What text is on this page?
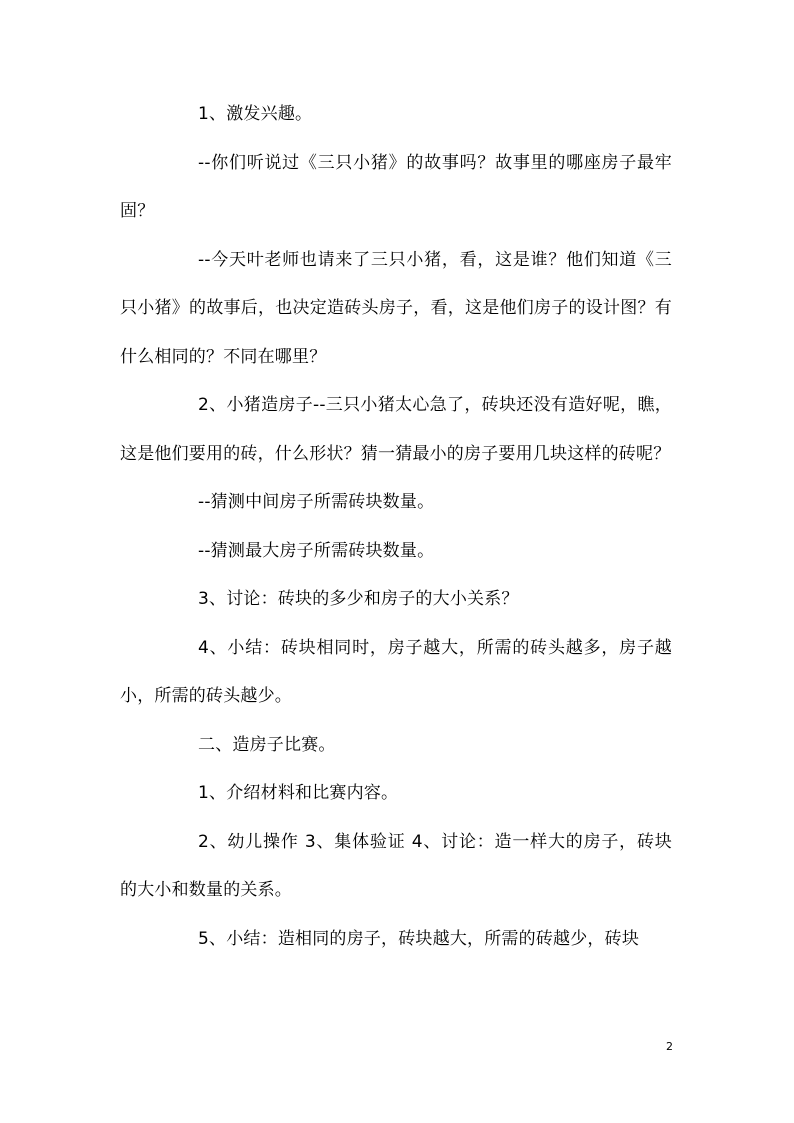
1、激发兴趣。

--你们听说过《三只小猪》的故事吗？故事里的哪座房子最牢固？

--今天叶老师也请来了三只小猪，看，这是谁？他们知道《三只小猪》的故事后，也决定造砖头房子，看，这是他们房子的设计图？有什么相同的？不同在哪里？

2、小猪造房子--三只小猪太心急了，砖块还没有造好呢，瞧，这是他们要用的砖，什么形状？猜一猜最小的房子要用几块这样的砖呢？

--猜测中间房子所需砖块数量。

--猜测最大房子所需砖块数量。

3、讨论：砖块的多少和房子的大小关系？

4、小结：砖块相同时，房子越大，所需的砖头越多，房子越小，所需的砖头越少。

二、造房子比赛。

1、介绍材料和比赛内容。

2、幼儿操作 3、集体验证 4、讨论：造一样大的房子，砖块的大小和数量的关系。

5、小结：造相同的房子，砖块越大，所需的砖越少，砖块

2
